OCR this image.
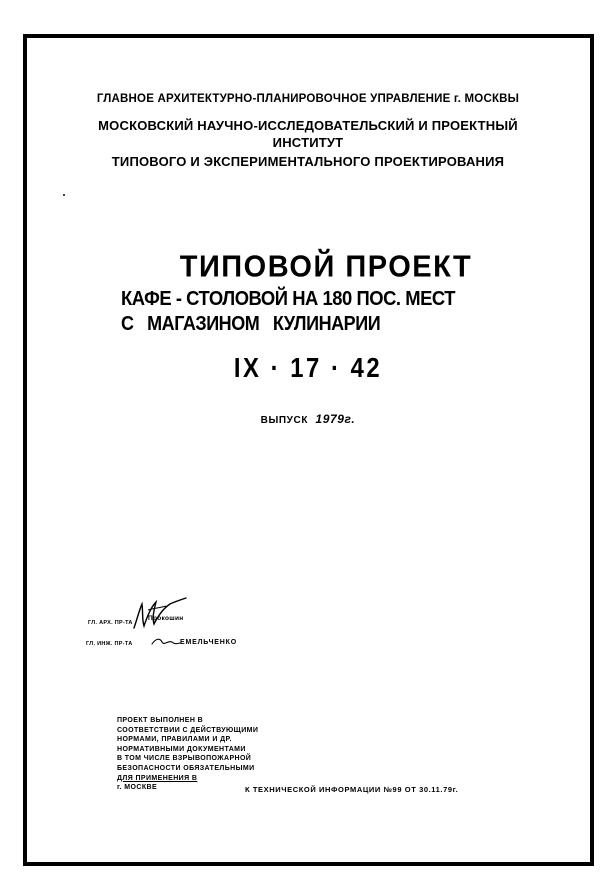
ГЛАВНОЕ АРХИТЕКТУРНО-ПЛАНИРОВОЧНОЕ УПРАВЛЕНИЕ г. МОСКВЫ
МОСКОВСКИЙ НАУЧНО-ИССЛЕДОВАТЕЛЬСКИЙ И ПРОЕКТНЫЙ
ИНСТИТУТ
ТИПОВОГО И ЭКСПЕРИМЕНТАЛЬНОГО ПРОЕКТИРОВАНИЯ
ТИПОВОЙ ПРОЕКТ
КАФЕ - СТОЛОВОЙ НА 180 ПОС. МЕСТ
С МАГАЗИНОМ КУЛИНАРИИ
IX · 17 · 42
ВЫПУСК 1979г.
ГЛ. АРХ. ПР-ТА
Прокошин
ГЛ. ИНЖ. ПР-ТА	ЕМЕЛЬЧЕНКО
ПРОЕКТ ВЫПОЛНЕН В
СООТВЕТСТВИИ С ДЕЙСТВУЮЩИМИ
НОРМАМИ, ПРАВИЛАМИ И ДР.
НОРМАТИВНЫМИ ДОКУМЕНТАМИ
В ТОМ ЧИСЛЕ ВЗРЫВОПОЖАРНОЙ
БЕЗОПАСНОСТИ ОБЯЗАТЕЛЬНЫМИ
ДЛЯ ПРИМЕНЕНИЯ В
г. МОСКВЕ	К ТЕХНИЧЕСКОЙ ИНФОРМАЦИИ №99 ОТ 30.11.79г.
